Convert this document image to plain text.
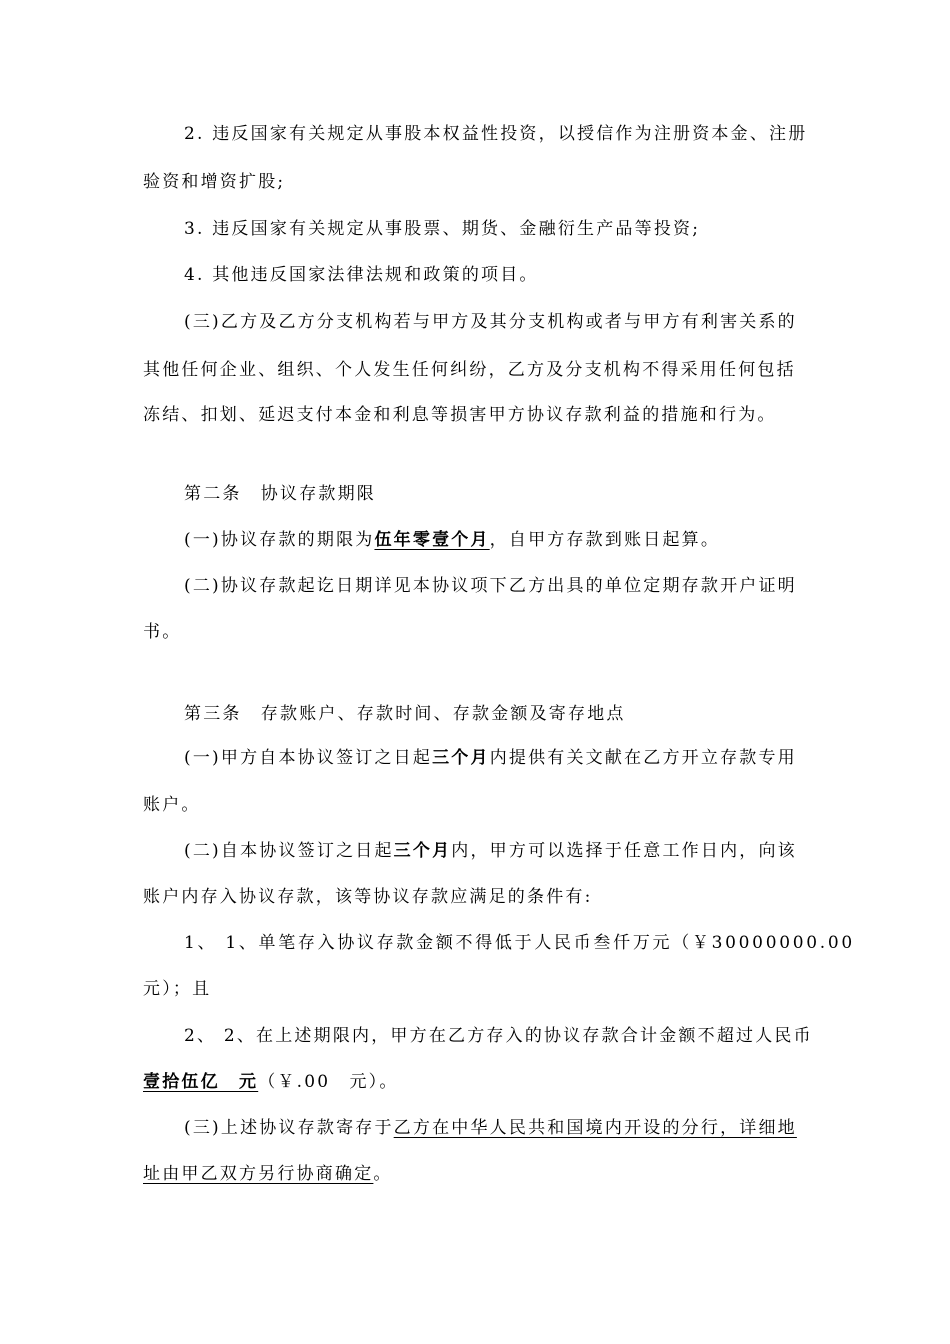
2. 违反国家有关规定从事股本权益性投资，以授信作为注册资本金、注册
验资和增资扩股;
3. 违反国家有关规定从事股票、期货、金融衍生产品等投资;
4. 其他违反国家法律法规和政策的项目。
(三)乙方及乙方分支机构若与甲方及其分支机构或者与甲方有利害关系的
其他任何企业、组织、个人发生任何纠纷，乙方及分支机构不得采用任何包括
冻结、扣划、延迟支付本金和利息等损害甲方协议存款利益的措施和行为。
第二条　协议存款期限
(一)协议存款的期限为伍年零壹个月，自甲方存款到账日起算。
(二)协议存款起讫日期详见本协议项下乙方出具的单位定期存款开户证明
书。
第三条　存款账户、存款时间、存款金额及寄存地点
(一)甲方自本协议签订之日起三个月内提供有关文献在乙方开立存款专用
账户。
(二)自本协议签订之日起三个月内，甲方可以选择于任意工作日内，向该
账户内存入协议存款，该等协议存款应满足的条件有:
1、 1、单笔存入协议存款金额不得低于人民币叁仟万元（￥30000000.00
元）；且
2、 2、在上述期限内，甲方在乙方存入的协议存款合计金额不超过人民币
壹拾伍亿　元（￥.00　元）。
(三)上述协议存款寄存于乙方在中华人民共和国境内开设的分行，详细地
址由甲乙双方另行协商确定。
